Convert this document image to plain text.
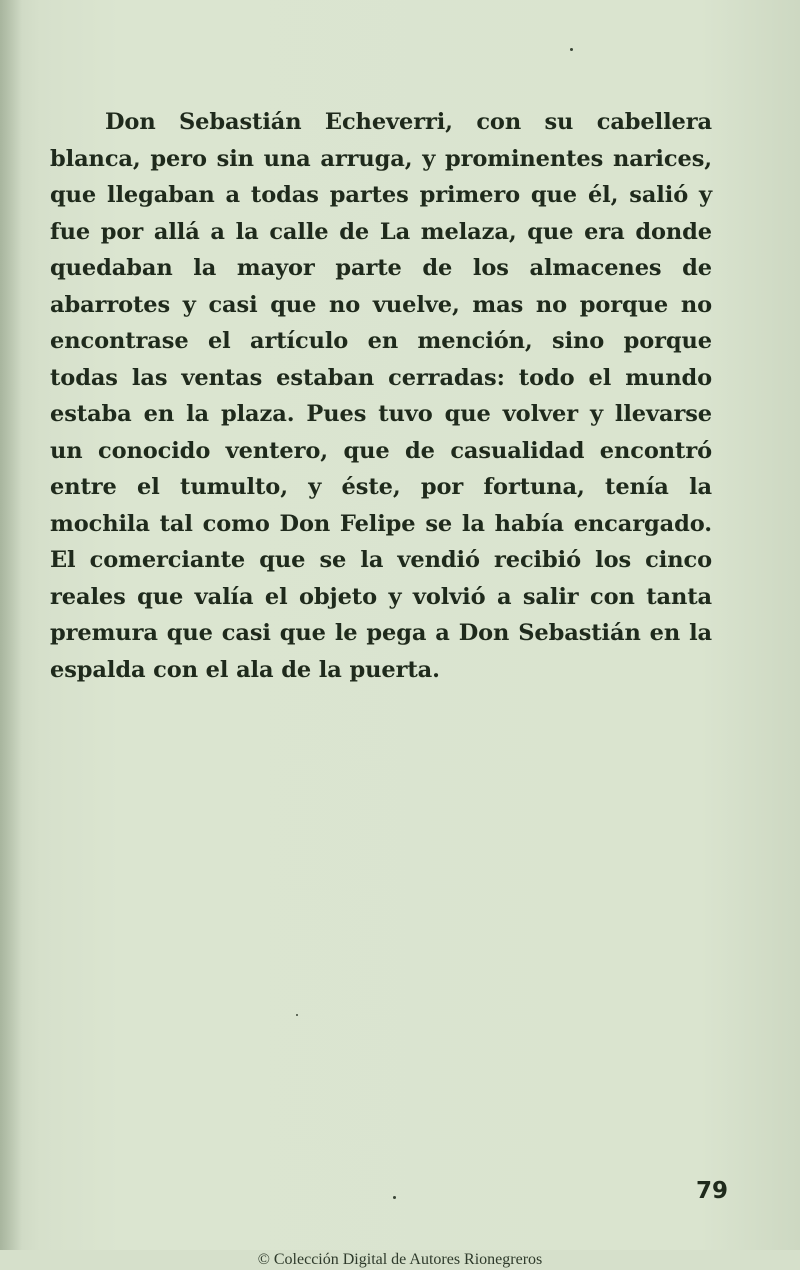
Don Sebastián Echeverri, con su cabellera blanca, pero sin una arruga, y prominentes narices, que llegaban a todas partes primero que él, salió y fue por allá a la calle de La melaza, que era donde quedaban la mayor parte de los almacenes de abarrotes y casi que no vuelve, mas no porque no encontrase el artículo en mención, sino porque todas las ventas estaban cerradas: todo el mundo estaba en la plaza. Pues tuvo que volver y llevarse un conocido ventero, que de casualidad encontró entre el tumulto, y éste, por fortuna, tenía la mochila tal como Don Felipe se la había encargado. El comerciante que se la vendió recibió los cinco reales que valía el objeto y volvió a salir con tanta premura que casi que le pega a Don Sebastián en la espalda con el ala de la puerta.

79
© Colección Digital de Autores Rionegreros
